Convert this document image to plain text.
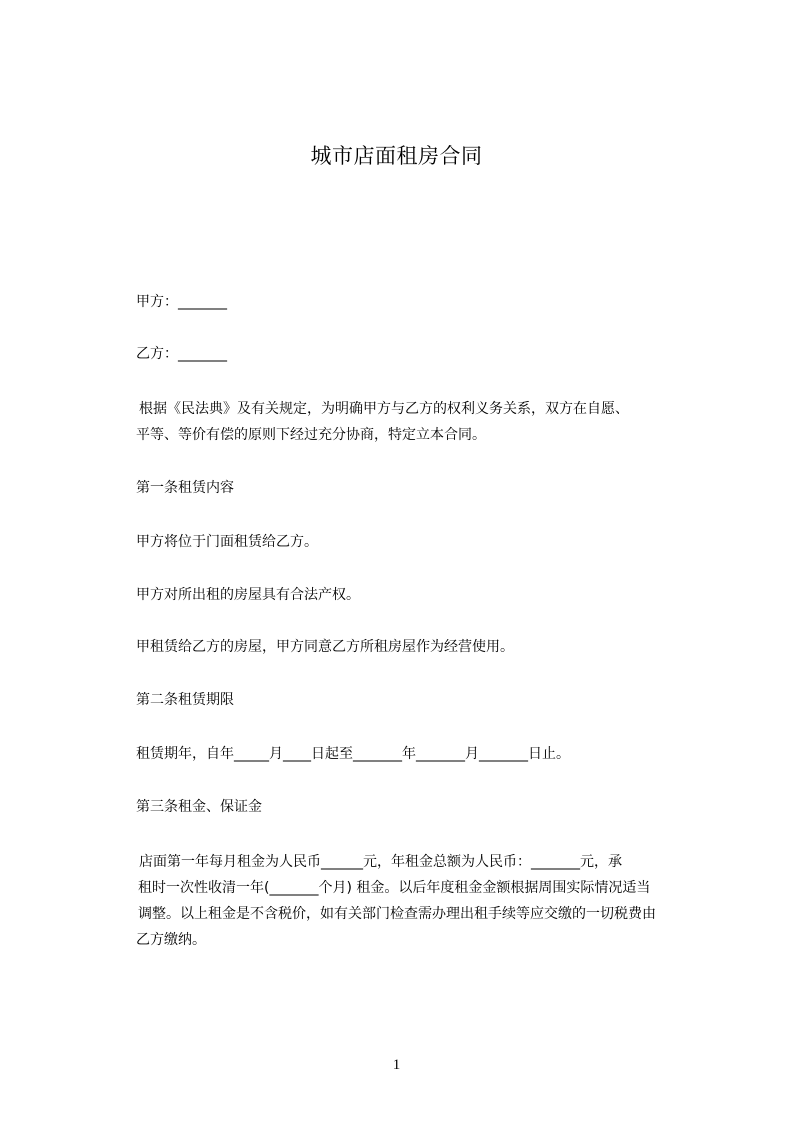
城市店面租房合同
甲方：_______
乙方：_______

根据《民法典》及有关规定，为明确甲方与乙方的权利义务关系，双方在自愿、

平等、等价有偿的原则下经过充分协商，特定立本合同。

第一条租赁内容
甲方将位于门面租赁给乙方。
甲方对所出租的房屋具有合法产权。
甲租赁给乙方的房屋，甲方同意乙方所租房屋作为经营使用。
第二条租赁期限
租赁期年，自年_____月____日起至_______年_______月_______日止。
第三条租金、保证金

店面第一年每月租金为人民币______元，年租金总额为人民币：_______元，承

租时一次性收清一年(_______个月) 租金。以后年度租金金额根据周围实际情况适当

调整。以上租金是不含税价，如有关部门检查需办理出租手续等应交缴的一切税费由

乙方缴纳。

1
